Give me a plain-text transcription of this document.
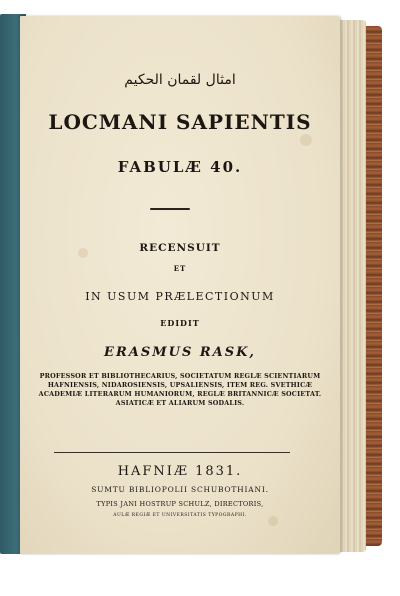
امثال لقمان الحكيم
LOCMANI SAPIENTIS
FABULÆ 40.
RECENSUIT
ET
IN USUM PRÆLECTIONUM
EDIDIT
ERASMUS RASK,
PROFESSOR ET BIBLIOTHECARIUS, SOCIETATUM REGLÆ SCIENTIARUM
HAFNIENSIS, NIDAROSIENSIS, UPSALIENSIS, ITEM REG. SVETHICÆ
ACADEMIÆ LITERARUM HUMANIORUM, REGLÆ BRITANNICÆ SOCIETAT.
ASIATICÆ ET ALIARUM SODALIS.
HAFNIÆ 1831.
SUMTU BIBLIOPOLII SCHUBOTHIANI.
TYPIS JANI HOSTRUP SCHULZ, DIRECTORIS,
AULÆ REGIÆ ET UNIVERSITATIS TYPOGRAPHI.
